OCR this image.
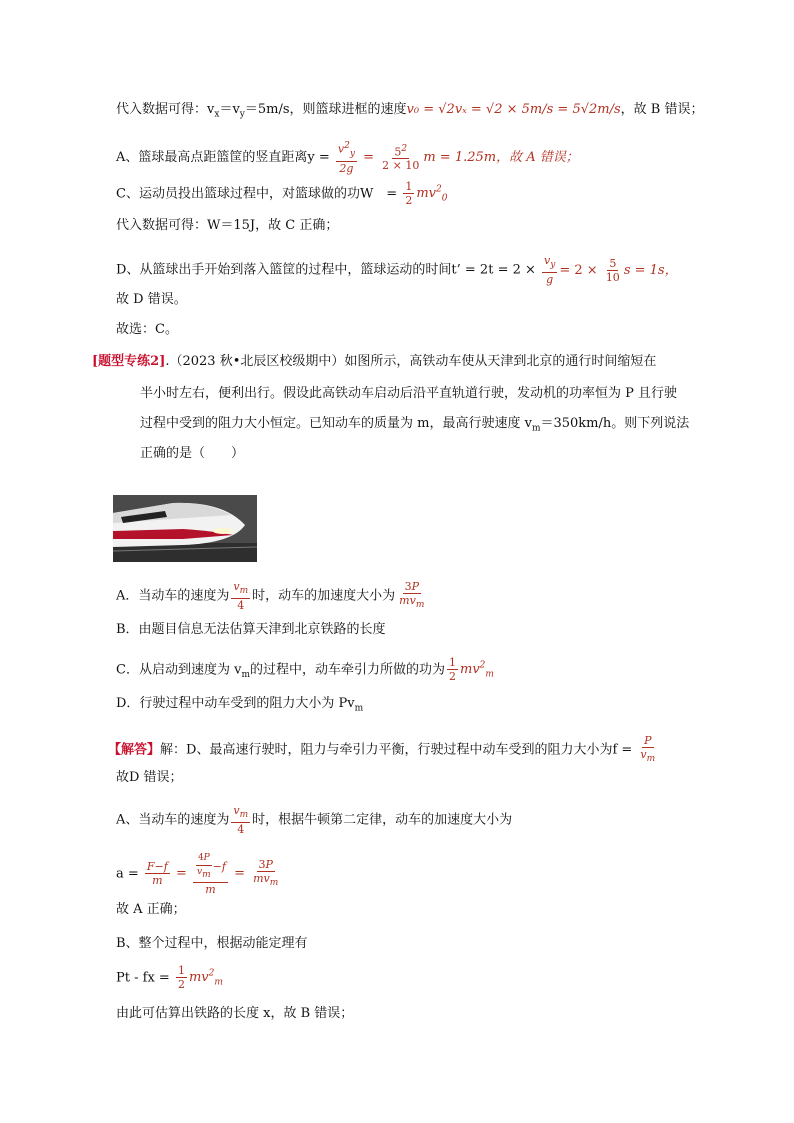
代入数据可得：$v_x=v_y=5m/s$，则篮球进框的速度v₀ = √2vₓ = √2 × 5m/s = 5√2m/s，故 B 错误；
A、篮球最高点距篮筐的竖直距离$y = \frac{v^2_y}{2g} = \frac{5^2}{2 \times 10}$ m = 1.25m，故 A 错误；
C、运动员投出篮球过程中，对篮球做的功W　= $\frac{1}{2} mv^2_0$
代入数据可得：W＝15J，故 C 正确；
D、从篮球出手开始到落入篮筐的过程中，篮球运动的时间t’ = $2t = 2 \times \frac{v_y}{g} = 2 \times \frac{5}{10}$ s = 1s，
故 D 错误。
故选：C。
[题型专练2].（2023 秋•北辰区校级期中）如图所示，高铁动车使从天津到北京的通行时间缩短在
半小时左右，便利出行。假设此高铁动车启动后沿平直轨道行驶，发动机的功率恒为 P 且行驶
过程中受到的阻力大小恒定。已知动车的质量为 m，最高行驶速度 $v_m=350km/h$。则下列说法
正确的是（　　）
A．当动车的速度为 $\frac{v_m}{4}$ 时，动车的加速度大小为 $\frac{3P}{mv_m}$
B．由题目信息无法估算天津到北京铁路的长度
C．从启动到速度为 $v_m$的过程中，动车牵引力所做的功为 $\frac{1}{2} mv^2_m$
D．行驶过程中动车受到的阻力大小为 $Pv_m$
【解答】解：D、最高速行驶时，阻力与牵引力平衡，行驶过程中动车受到的阻力大小为$f = \frac{P}{v_m}$
故D 错误；
A、当动车的速度为 $\frac{v_m}{4}$ 时，根据牛顿第二定律，动车的加速度大小为
$a = \frac{F-f}{m} = \frac{\frac{4P}{vm} -f}{m} = \frac{3P}{mv_m}$
故 A 正确；
B、整个过程中，根据动能定理有
Pt - fx = $\frac{1}{2} mv^2_m$
由此可估算出铁路的长度 x，故 B 错误；
